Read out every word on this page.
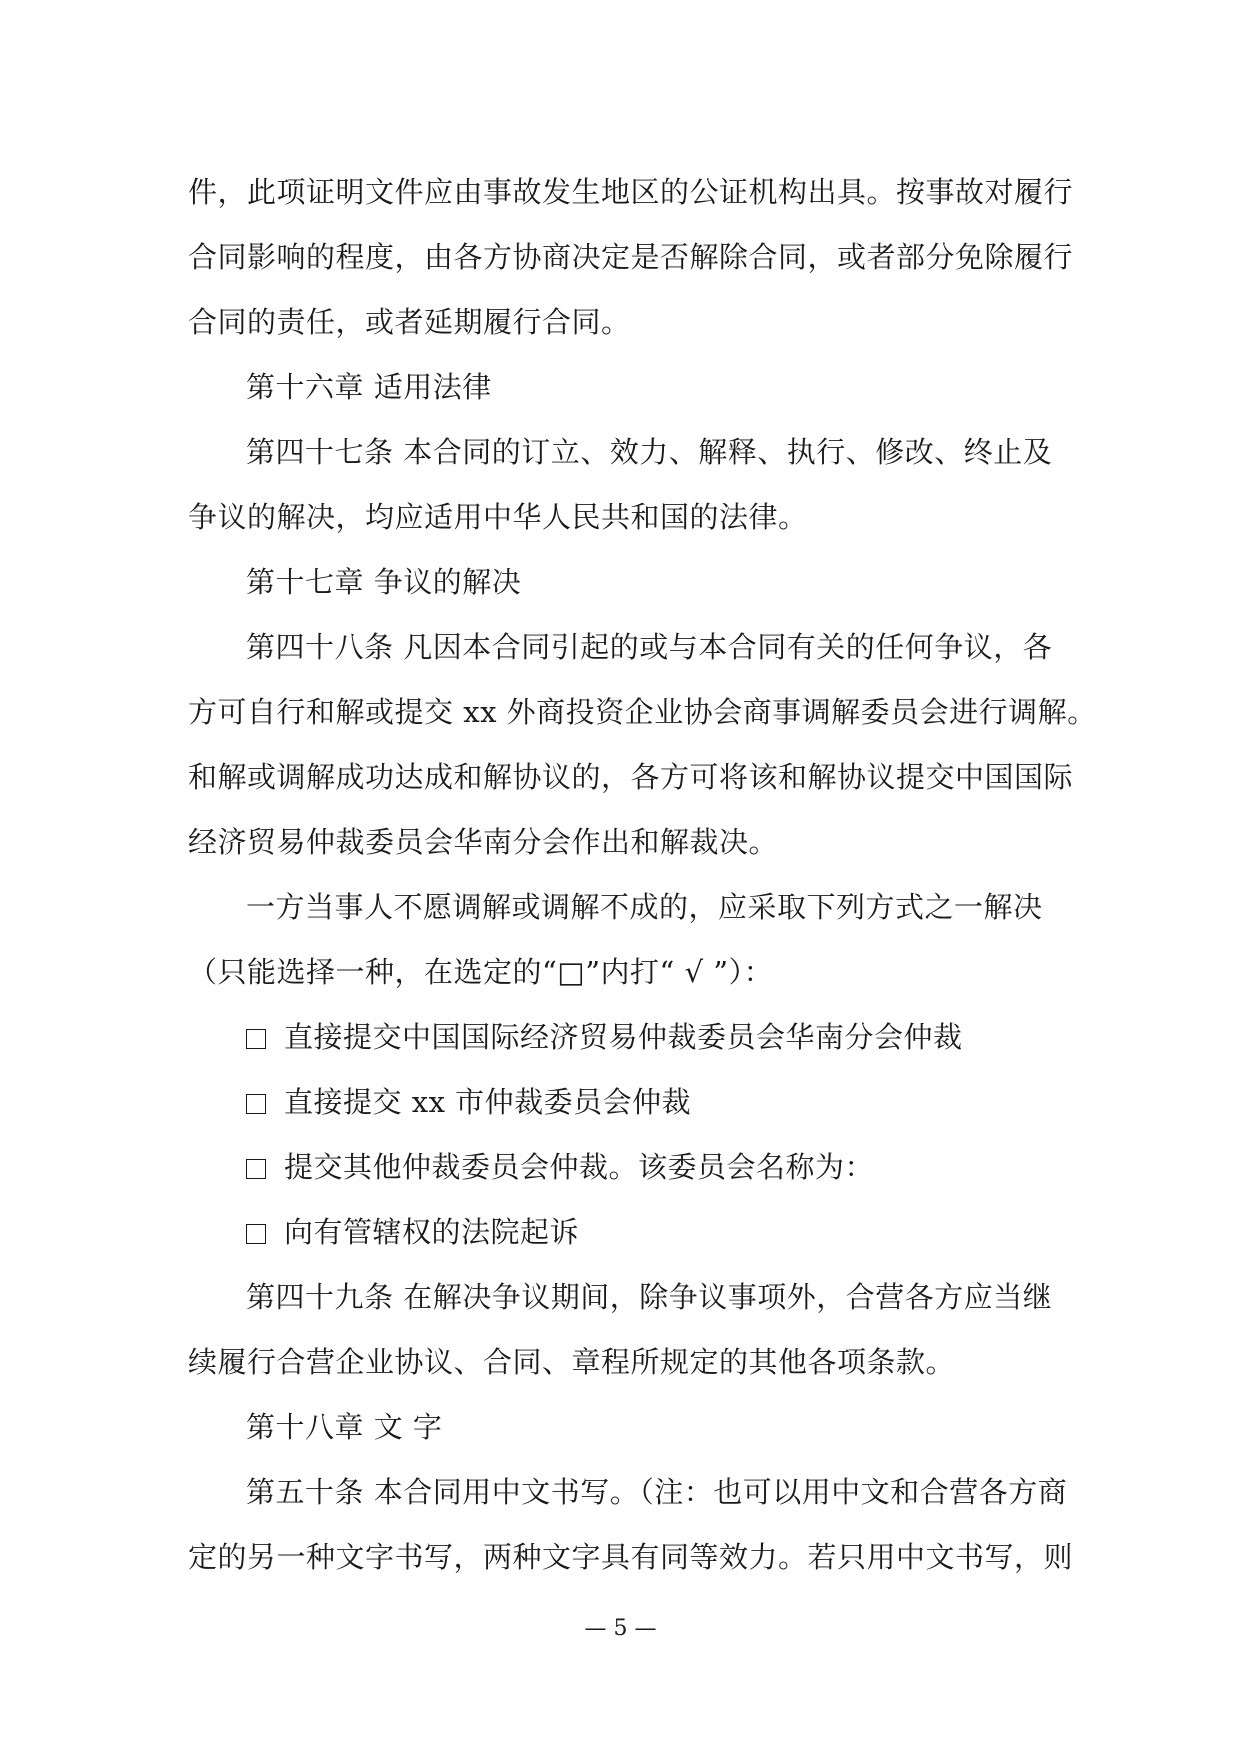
件，此项证明文件应由事故发生地区的公证机构出具。按事故对履行
合同影响的程度，由各方协商决定是否解除合同，或者部分免除履行
合同的责任，或者延期履行合同。
第十六章 适用法律
第四十七条 本合同的订立、效力、解释、执行、修改、终止及
争议的解决，均应适用中华人民共和国的法律。
第十七章 争议的解决
第四十八条 凡因本合同引起的或与本合同有关的任何争议，各
方可自行和解或提交 xx 外商投资企业协会商事调解委员会进行调解。
和解或调解成功达成和解协议的，各方可将该和解协议提交中国国际
经济贸易仲裁委员会华南分会作出和解裁决。
一方当事人不愿调解或调解不成的，应采取下列方式之一解决
（只能选择一种，在选定的“□”内打“ √ ”）：
直接提交中国国际经济贸易仲裁委员会华南分会仲裁
直接提交 xx 市仲裁委员会仲裁
提交其他仲裁委员会仲裁。该委员会名称为：
向有管辖权的法院起诉
第四十九条 在解决争议期间，除争议事项外，合营各方应当继
续履行合营企业协议、合同、章程所规定的其他各项条款。
第十八章 文 字
第五十条 本合同用中文书写。（注：也可以用中文和合营各方商
定的另一种文字书写，两种文字具有同等效力。若只用中文书写，则
— 5 —
